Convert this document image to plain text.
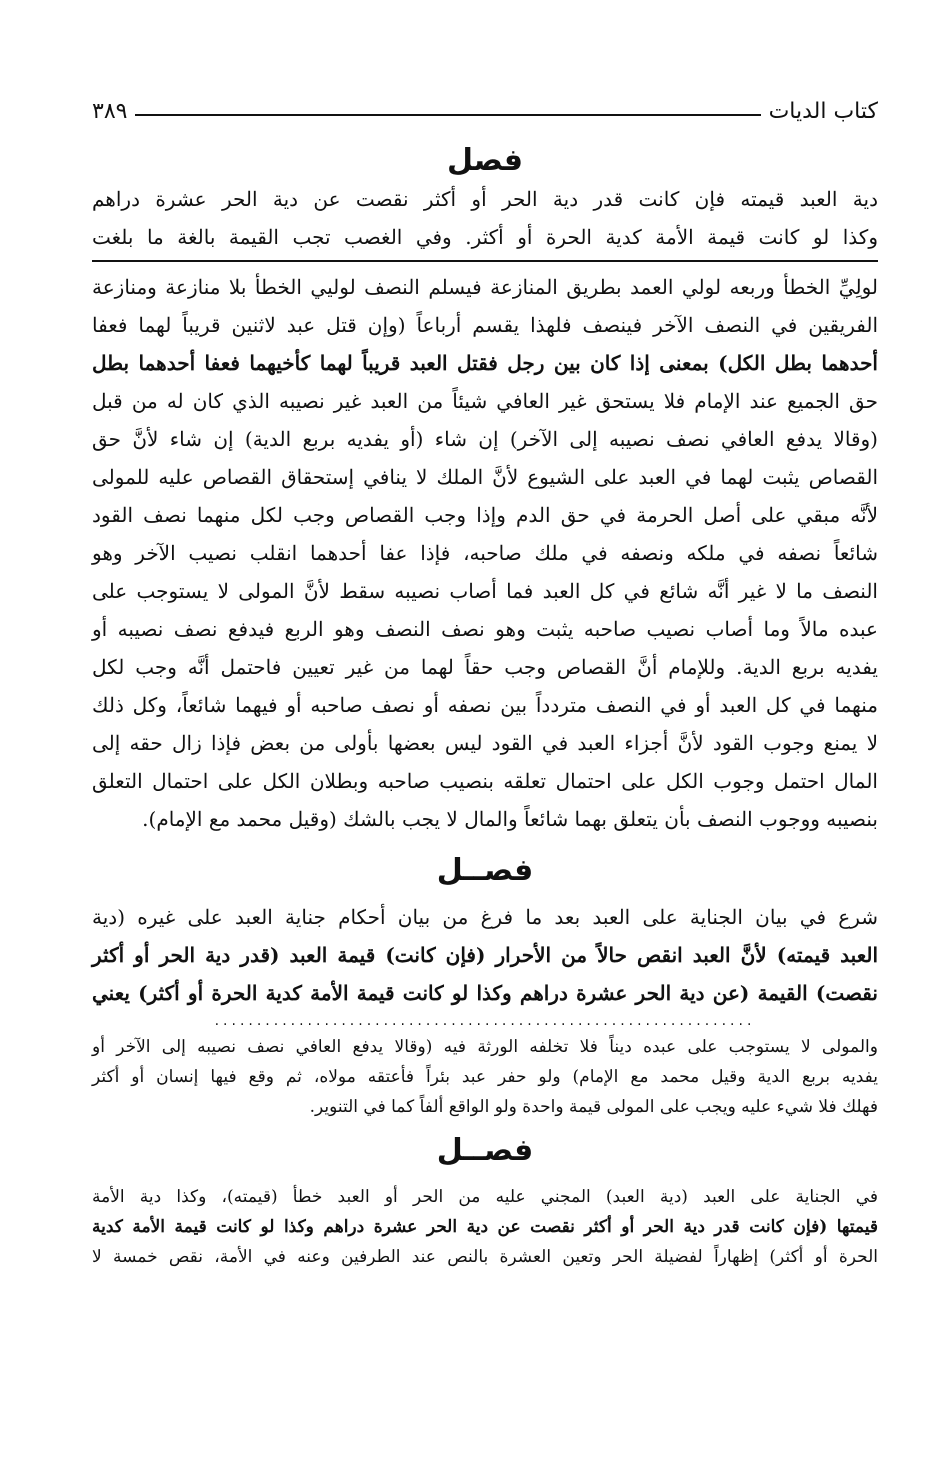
كتاب الديات
٣٨٩
فصل

دية العبد قيمته فإن كانت قدر دية الحر أو أكثر نقصت عن دية الحر عشرة دراهم

وكذا لو كانت قيمة الأمة كدية الحرة أو أكثر. وفي الغصب تجب القيمة بالغة ما بلغت

لولِيِّ الخطأ وربعه لولي العمد بطريق المنازعة فيسلم النصف لوليي الخطأ بلا منازعة ومنازعة

الفريقين في النصف الآخر فينصف فلهذا يقسم أرباعاً (وإن قتل عبد لاثنين قريباً لهما فعفا

أحدهما بطل الكل) بمعنى إذا كان بين رجل فقتل العبد قريباً لهما كأخيهما فعفا أحدهما بطل

حق الجميع عند الإمام فلا يستحق غير العافي شيئاً من العبد غير نصيبه الذي كان له من قبل

(وقالا يدفع العافي نصف نصيبه إلى الآخر) إن شاء (أو يفديه بربع الدية) إن شاء لأنَّ حق

القصاص يثبت لهما في العبد على الشيوع لأنَّ الملك لا ينافي إستحقاق القصاص عليه للمولى

لأنَّه مبقي على أصل الحرمة في حق الدم وإذا وجب القصاص وجب لكل منهما نصف القود

شائعاً نصفه في ملكه ونصفه في ملك صاحبه، فإذا عفا أحدهما انقلب نصيب الآخر وهو

النصف ما لا غير أنَّه شائع في كل العبد فما أصاب نصيبه سقط لأنَّ المولى لا يستوجب على

عبده مالاً وما أصاب نصيب صاحبه يثبت وهو نصف النصف وهو الربع فيدفع نصف نصيبه أو

يفديه بربع الدية. وللإمام أنَّ القصاص وجب حقاً لهما من غير تعيين فاحتمل أنَّه وجب لكل

منهما في كل العبد أو في النصف متردداً بين نصفه أو نصف صاحبه أو فيهما شائعاً، وكل ذلك

لا يمنع وجوب القود لأنَّ أجزاء العبد في القود ليس بعضها بأولى من بعض فإذا زال حقه إلى

المال احتمل وجوب الكل على احتمال تعلقه بنصيب صاحبه وبطلان الكل على احتمال التعلق

بنصيبه ووجوب النصف بأن يتعلق بهما شائعاً والمال لا يجب بالشك (وقيل محمد مع الإمام).

فصــل

شرع في بيان الجناية على العبد بعد ما فرغ من بيان أحكام جناية العبد على غيره (دية

العبد قيمته) لأنَّ العبد انقص حالاً من الأحرار (فإن كانت) قيمة العبد (قدر دية الحر أو أكثر

نقصت) القيمة (عن دية الحر عشرة دراهم وكذا لو كانت قيمة الأمة كدية الحرة أو أكثر) يعني

................................................................

والمولى لا يستوجب على عبده ديناً فلا تخلفه الورثة فيه (وقالا يدفع العافي نصف نصيبه إلى الآخر أو

يفديه بربع الدية وقيل محمد مع الإمام) ولو حفر عبد بئراً فأعتقه مولاه، ثم وقع فيها إنسان أو أكثر

فهلك فلا شيء عليه ويجب على المولى قيمة واحدة ولو الواقع ألفاً كما في التنوير.

فصــل

في الجناية على العبد (دية العبد) المجني عليه من الحر أو العبد خطأ (قيمته)، وكذا دية الأمة

قيمتها (فإن كانت قدر دية الحر أو أكثر نقصت عن دية الحر عشرة دراهم وكذا لو كانت قيمة الأمة كدية

الحرة أو أكثر) إظهاراً لفضيلة الحر وتعين العشرة بالنص عند الطرفين وعنه في الأمة، نقص خمسة لا
